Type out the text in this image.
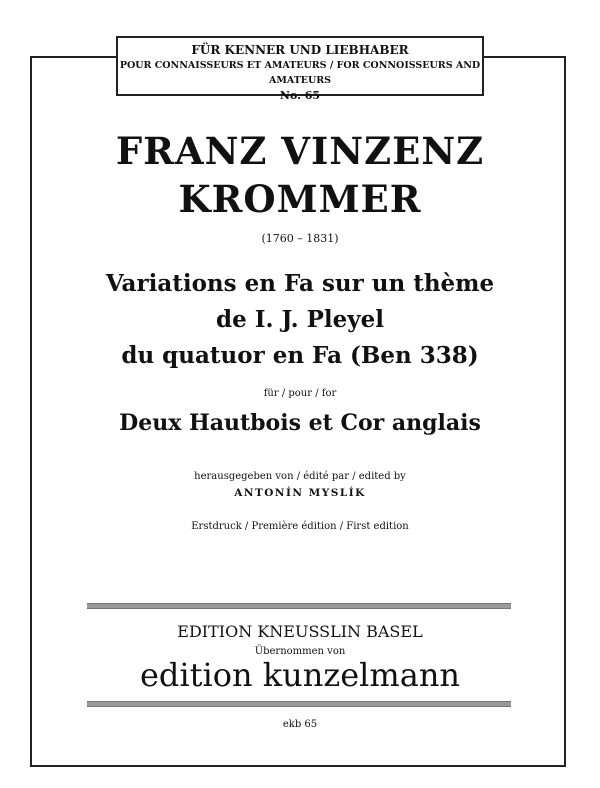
FÜR KENNER UND LIEBHABER
POUR CONNAISSEURS ET AMATEURS / FOR CONNOISSEURS AND AMATEURS
No. 65
FRANZ VINZENZ
KROMMER
(1760 – 1831)
Variations en Fa sur un thème
de I. J. Pleyel
du quatuor en Fa (Ben 338)
für / pour / for
Deux Hautbois et Cor anglais
herausgegeben von / édité par / edited by
ANTONÍN MYSLÍK
Erstdruck / Première édition / First edition
EDITION KNEUSSLIN BASEL
Übernommen von
edition kunzelmann
ekb 65
